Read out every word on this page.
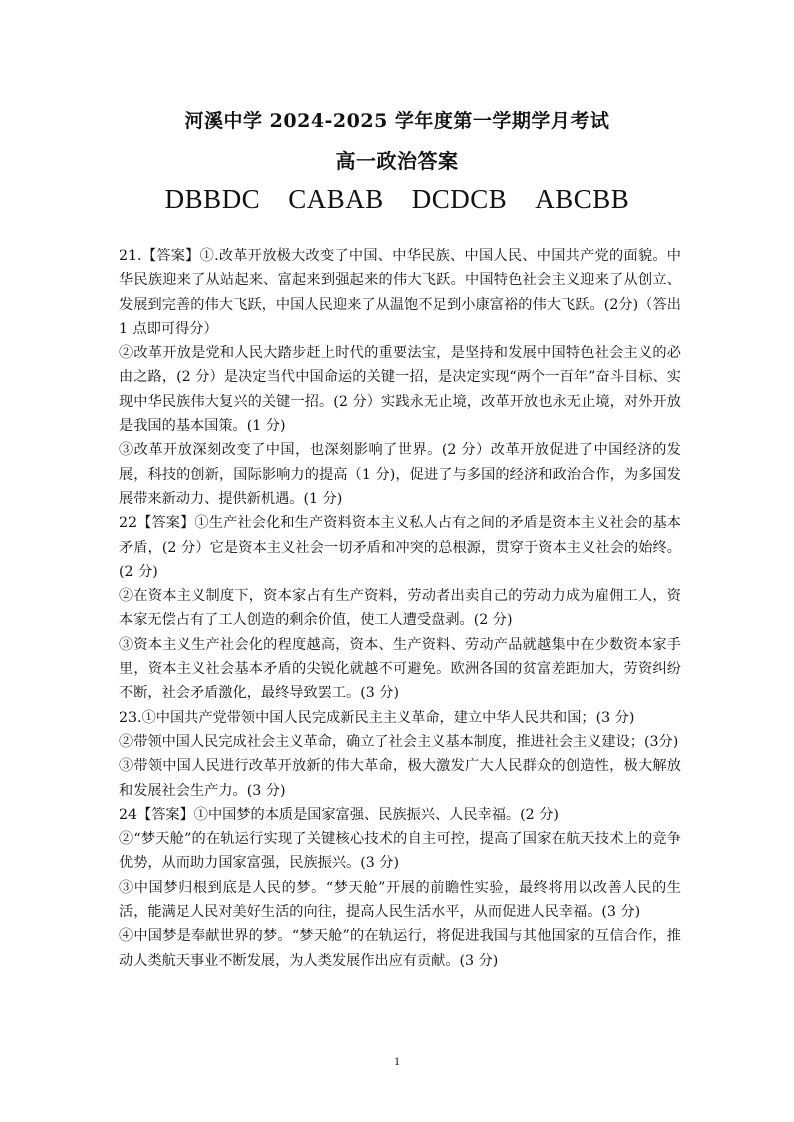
河溪中学 2024-2025 学年度第一学期学月考试
高一政治答案
DBBDC CABAB DCDCB ABCBB

21.【答案】①.改革开放极大改变了中国、中华民族、中国人民、中国共产党的面貌。中华民族迎来了从站起来、富起来到强起来的伟大飞跃。中国特色社会主义迎来了从创立、发展到完善的伟大飞跃，中国人民迎来了从温饱不足到小康富裕的伟大飞跃。(2分)（答出 1 点即可得分）

②改革开放是党和人民大踏步赶上时代的重要法宝，是坚持和发展中国特色社会主义的必由之路，(2 分）是决定当代中国命运的关键一招，是决定实现“两个一百年”奋斗目标、实现中华民族伟大复兴的关键一招。(2 分）实践永无止境，改革开放也永无止境，对外开放是我国的基本国策。(1 分)

③改革开放深刻改变了中国，也深刻影响了世界。(2 分）改革开放促进了中国经济的发展，科技的创新，国际影响力的提高（1 分)，促进了与多国的经济和政治合作，为多国发展带来新动力、提供新机遇。(1 分)

22【答案】①生产社会化和生产资料资本主义私人占有之间的矛盾是资本主义社会的基本矛盾，(2 分）它是资本主义社会一切矛盾和冲突的总根源，贯穿于资本主义社会的始终。(2 分)

②在资本主义制度下，资本家占有生产资料，劳动者出卖自己的劳动力成为雇佣工人，资本家无偿占有了工人创造的剩余价值，使工人遭受盘剥。(2 分)

③资本主义生产社会化的程度越高，资本、生产资料、劳动产品就越集中在少数资本家手里，资本主义社会基本矛盾的尖锐化就越不可避免。欧洲各国的贫富差距加大，劳资纠纷不断，社会矛盾激化，最终导致罢工。(3 分)

23.①中国共产党带领中国人民完成新民主主义革命，建立中华人民共和国；(3 分)

②带领中国人民完成社会主义革命，确立了社会主义基本制度，推进社会主义建设；(3分)

③带领中国人民进行改革开放新的伟大革命，极大激发广大人民群众的创造性，极大解放和发展社会生产力。(3 分)

24【答案】①中国梦的本质是国家富强、民族振兴、人民幸福。(2 分)

②“梦天舱”的在轨运行实现了关键核心技术的自主可控，提高了国家在航天技术上的竞争优势，从而助力国家富强，民族振兴。(3 分)

③中国梦归根到底是人民的梦。“梦天舱”开展的前瞻性实验，最终将用以改善人民的生活，能满足人民对美好生活的向往，提高人民生活水平，从而促进人民幸福。(3 分)

④中国梦是奉献世界的梦。“梦天舱”的在轨运行，将促进我国与其他国家的互信合作，推动人类航天事业不断发展，为人类发展作出应有贡献。(3 分)

1
